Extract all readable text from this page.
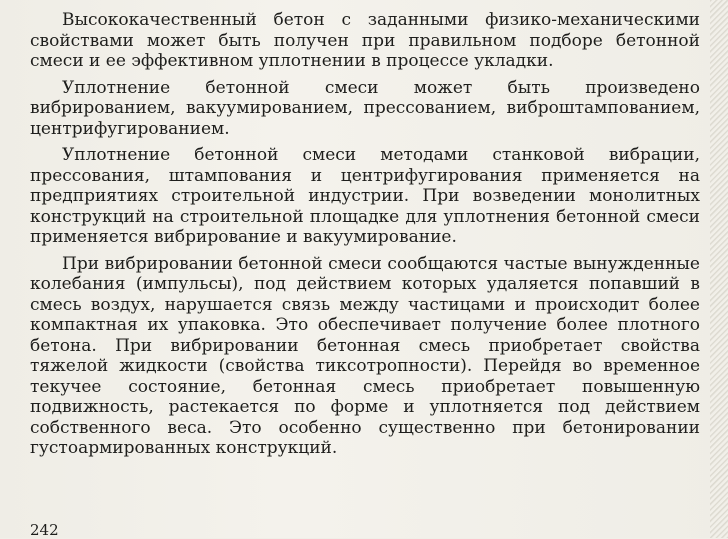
Высококачественный бетон с заданными физико-механическими свойствами может быть получен при правильном подборе бетонной смеси и ее эффективном уплотнении в процессе укладки.

Уплотнение бетонной смеси может быть произведено вибрированием, вакуумированием, прессованием, виброштампованием, центрифугированием.

Уплотнение бетонной смеси методами станковой вибрации, прессования, штампования и центрифугирования применяется на предприятиях строительной индустрии. При возведении монолитных конструкций на строительной площадке для уплотнения бетонной смеси применяется вибрирование и вакуумирование.

При вибрировании бетонной смеси сообщаются частые вынужденные колебания (импульсы), под действием которых удаляется попавший в смесь воздух, нарушается связь между частицами и происходит более компактная их упаковка. Это обеспечивает получение более плотного бетона. При вибрировании бетонная смесь приобретает свойства тяжелой жидкости (свойства тиксотропности). Перейдя во временное текучее состояние, бетонная смесь приобретает повышенную подвижность, растекается по форме и уплотняется под действием собственного веса. Это особенно существенно при бетонировании густоармированных конструкций.

242
